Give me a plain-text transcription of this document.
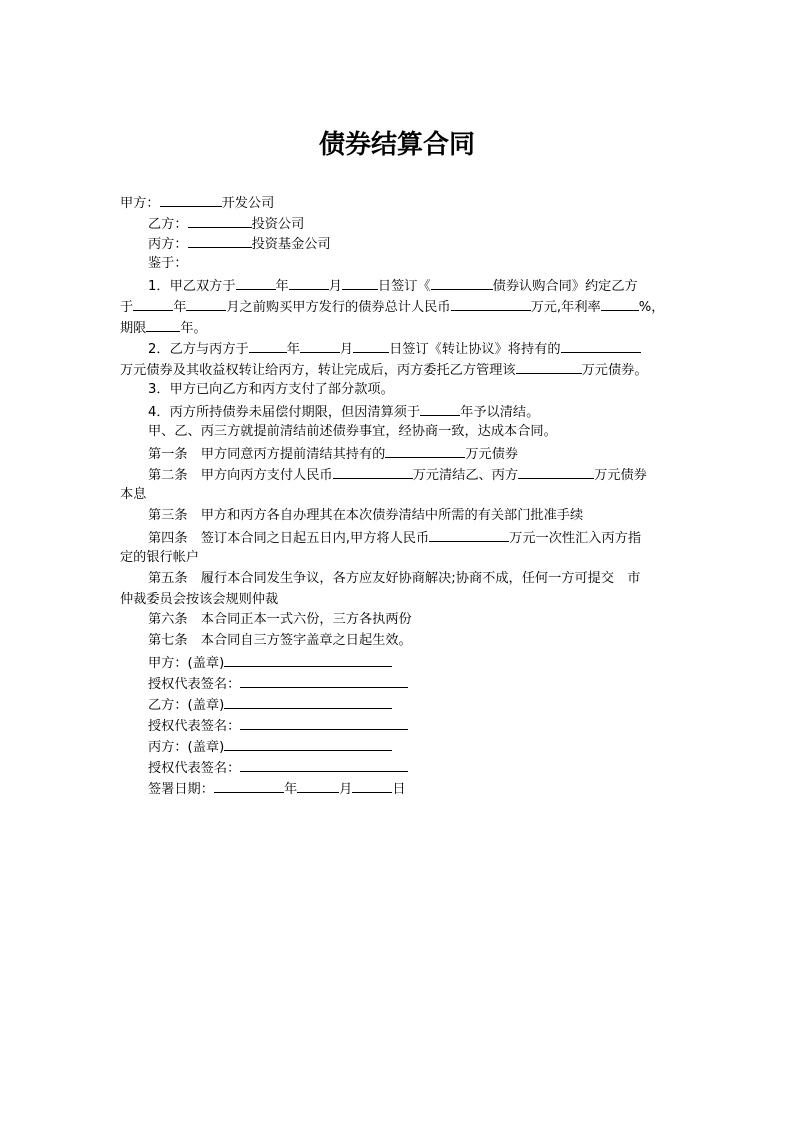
债券结算合同
甲方：	开发公司
乙方：	投资公司
丙方：	投资基金公司
鉴于：
1．甲乙双方于	年	月	日签订《	债券认购合同》约定乙方
于	年	月之前购买甲方发行的债券总计人民币	万元,年利率	%，
期限	年。
2．乙方与丙方于	年	月	日签订《转让协议》将持有的
万元债券及其收益权转让给丙方，转让完成后，丙方委托乙方管理该	万元债券。
3．甲方已向乙方和丙方支付了部分款项。
4．丙方所持债券未届偿付期限，但因清算须于	年予以清结。
甲、乙、丙三方就提前清结前述债券事宜，经协商一致，达成本合同。
第一条　甲方同意丙方提前清结其持有的	万元债券
第二条　甲方向丙方支付人民币	万元清结乙、丙方	万元债券
本息
第三条　甲方和丙方各自办理其在本次债券清结中所需的有关部门批准手续
第四条　签订本合同之日起五日内,甲方将人民币	万元一次性汇入丙方指
定的银行帐户
第五条　履行本合同发生争议，各方应友好协商解决;协商不成，任何一方可提交　市
仲裁委员会按该会规则仲裁
第六条　本合同正本一式六份，三方各执两份
第七条　本合同自三方签字盖章之日起生效。
甲方：(盖章)
授权代表签名：
乙方：(盖章)
授权代表签名：
丙方：(盖章)
授权代表签名：
签署日期：	年	月	日
